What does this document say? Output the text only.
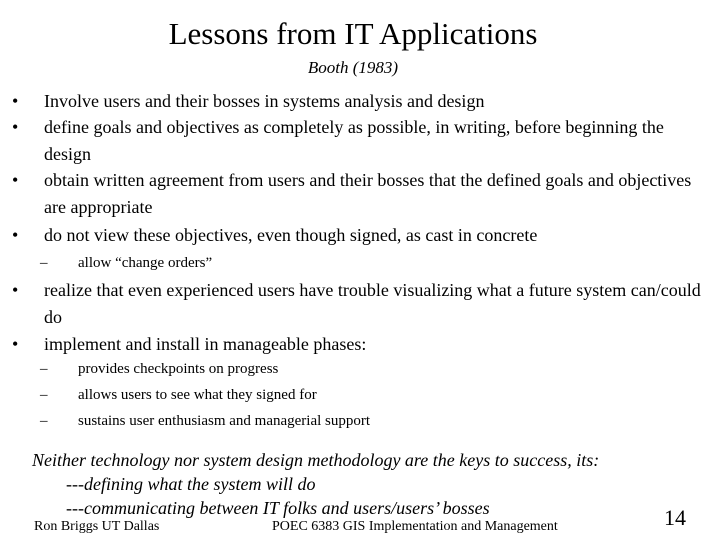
Lessons from IT Applications
Booth (1983)
• Involve users and their bosses in systems analysis and design
• define goals and objectives as completely as possible, in writing, before beginning the design
• obtain written agreement from users and their bosses that the defined goals and objectives are appropriate
• do not view these objectives, even though signed, as cast in concrete
– allow “change orders”
• realize that even experienced users have trouble visualizing what a future system can/could do
• implement and install in manageable phases:
– provides checkpoints on progress
– allows users to see what they signed for
– sustains user enthusiasm and managerial support
Neither technology nor system design methodology are the keys to success, its:
---defining what the system will do
---communicating between IT folks and users/users’ bosses
Ron Briggs UT Dallas	POEC 6383 GIS Implementation and Management	14
